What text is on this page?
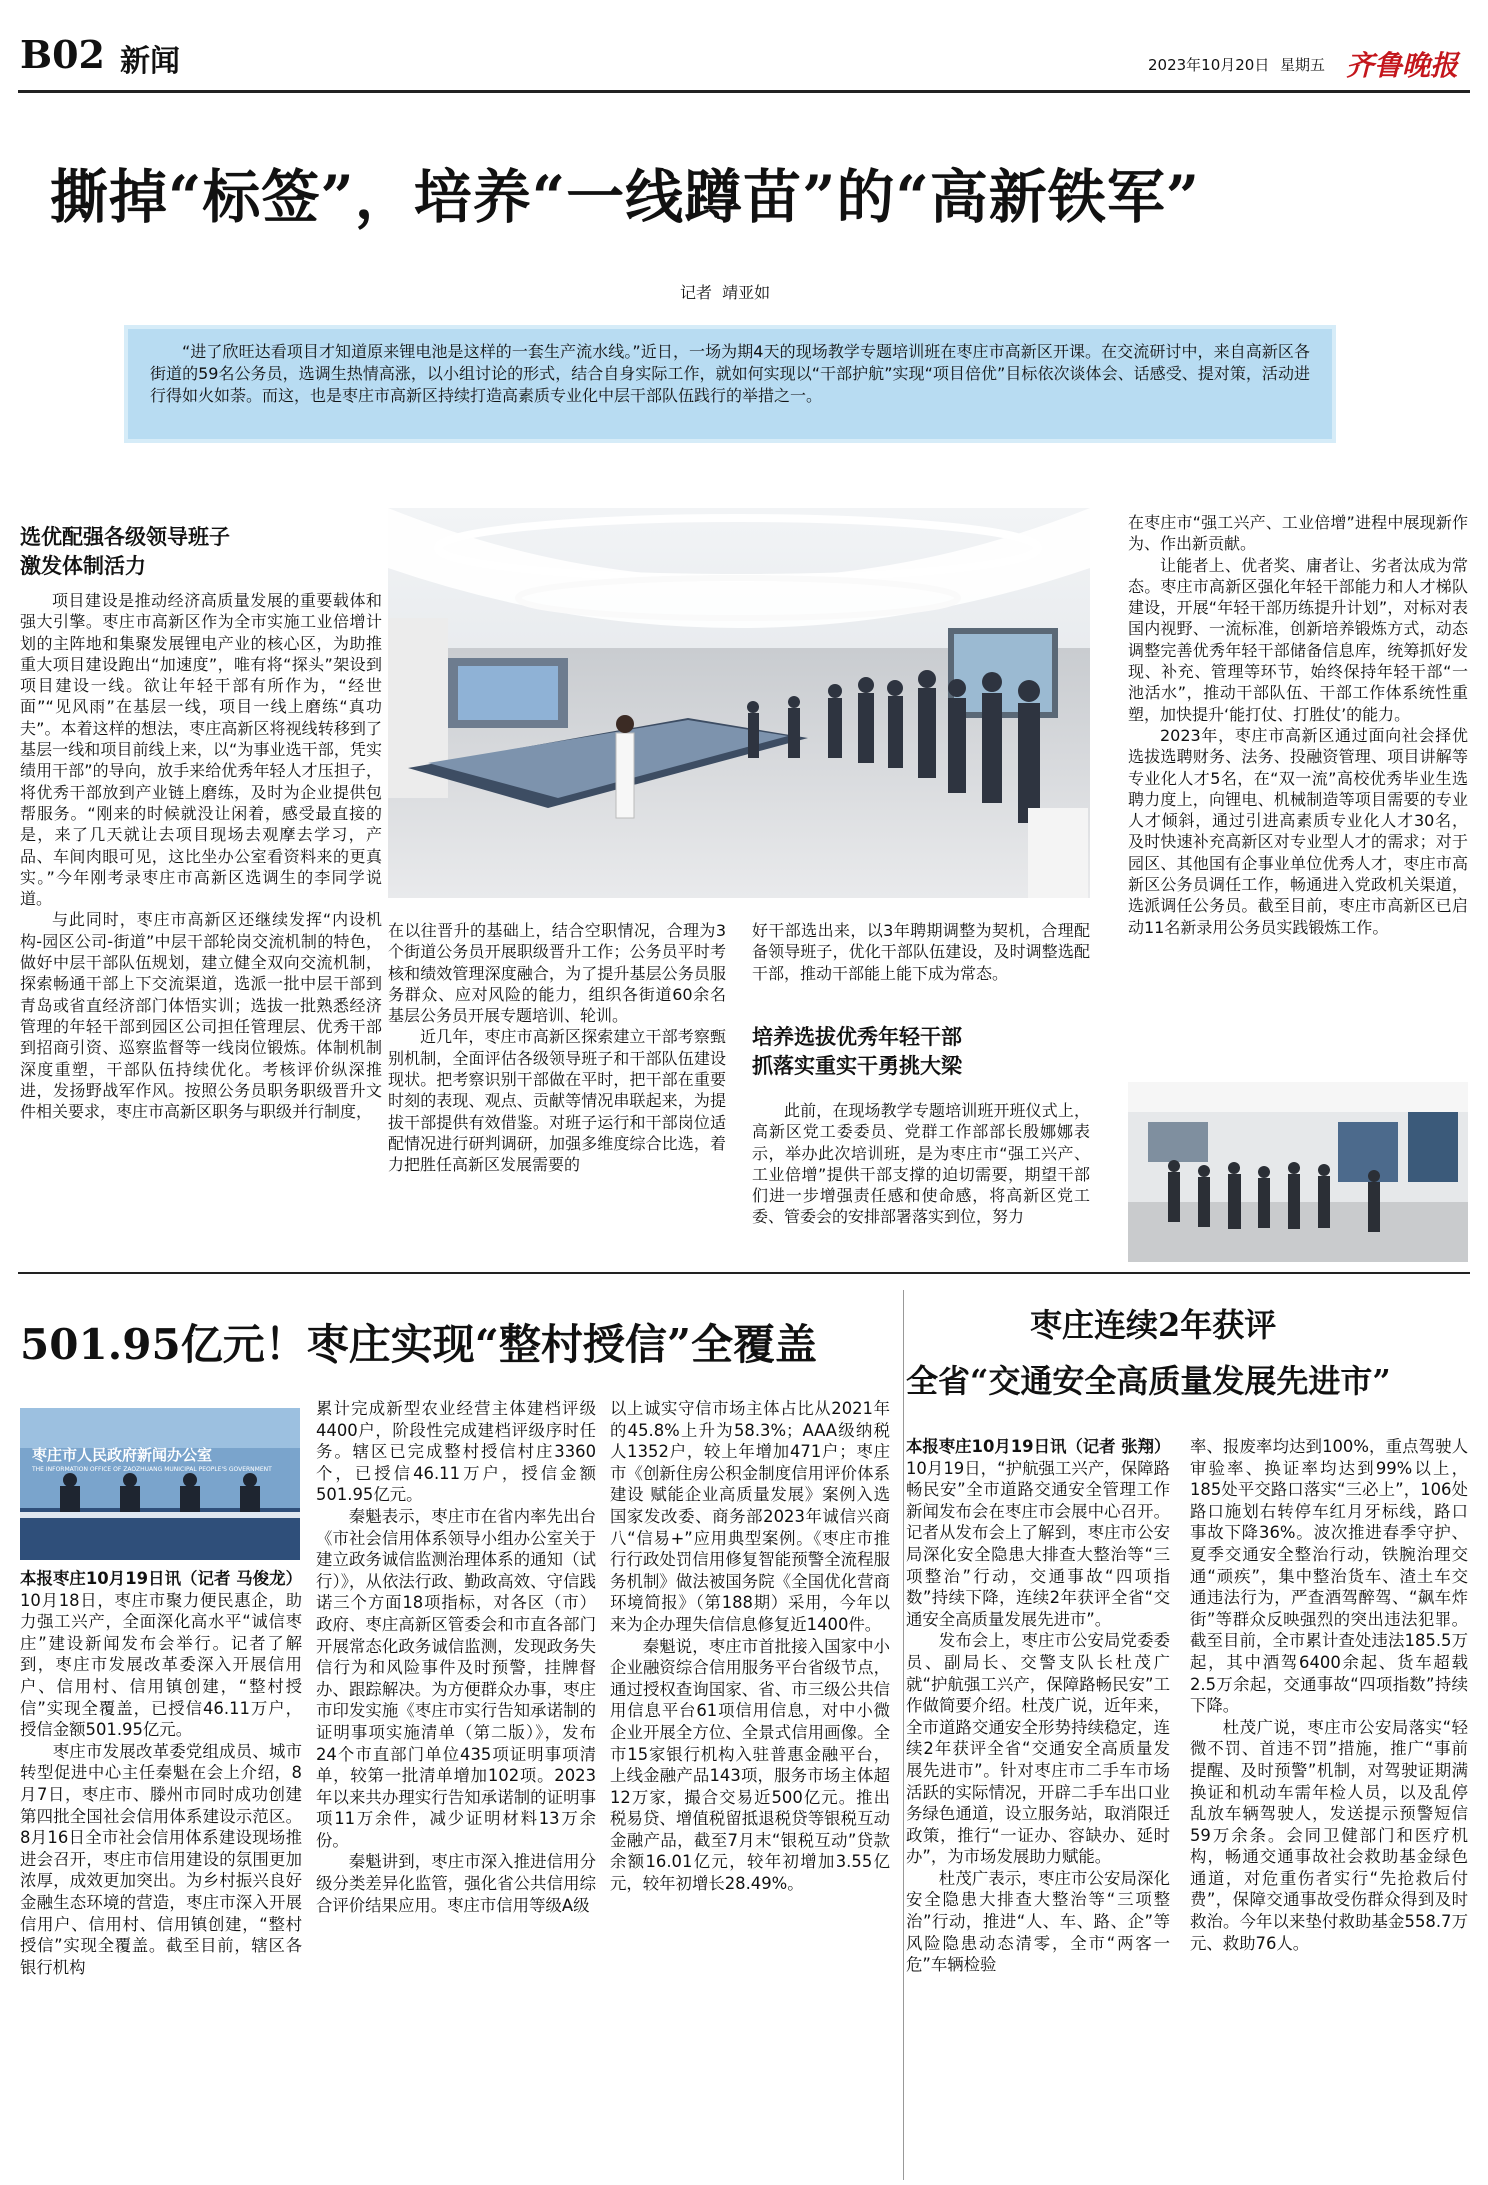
B02 新闻	2023年10月20日 星期五 齐鲁晚报
撕掉“标签”，培养“一线蹲苗”的“高新铁军”
记者  靖亚如
“进了欣旺达看项目才知道原来锂电池是这样的一套生产流水线。”近日，一场为期4天的现场教学专题培训班在枣庄市高新区开课。在交流研讨中，来自高新区各街道的59名公务员，选调生热情高涨，以小组讨论的形式，结合自身实际工作，就如何实现以“干部护航”实现“项目倍优”目标依次谈体会、话感受、提对策，活动进行得如火如荼。而这，也是枣庄市高新区持续打造高素质专业化中层干部队伍践行的举措之一。
选优配强各级领导班子
激发体制活力

项目建设是推动经济高质量发展的重要载体和强大引擎。枣庄市高新区作为全市实施工业倍增计划的主阵地和集聚发展锂电产业的核心区，为助推重大项目建设跑出“加速度”，唯有将“探头”架设到项目建设一线。欲让年轻干部有所作为，“经世面”“见风雨”在基层一线，项目一线上磨练“真功夫”。本着这样的想法，枣庄高新区将视线转移到了基层一线和项目前线上来，以“为事业选干部，凭实绩用干部”的导向，放手来给优秀年轻人才压担子，将优秀干部放到产业链上磨练，及时为企业提供包帮服务。“刚来的时候就没让闲着，感受最直接的是，来了几天就让去项目现场去观摩去学习，产品、车间肉眼可见，这比坐办公室看资料来的更真实。”今年刚考录枣庄市高新区选调生的李同学说道。

与此同时，枣庄市高新区还继续发挥“内设机构-园区公司-街道”中层干部轮岗交流机制的特色，做好中层干部队伍规划，建立健全双向交流机制，探索畅通干部上下交流渠道，选派一批中层干部到青岛或省直经济部门体悟实训；选拔一批熟悉经济管理的年轻干部到园区公司担任管理层、优秀干部到招商引资、巡察监督等一线岗位锻炼。体制机制深度重塑，干部队伍持续优化。考核评价纵深推进，发扬野战军作风。按照公务员职务职级晋升文件相关要求，枣庄市高新区职务与职级并行制度，

在以往晋升的基础上，结合空职情况，合理为3个街道公务员开展职级晋升工作；公务员平时考核和绩效管理深度融合，为了提升基层公务员服务群众、应对风险的能力，组织各街道60余名基层公务员开展专题培训、轮训。

近几年，枣庄市高新区探索建立干部考察甄别机制，全面评估各级领导班子和干部队伍建设现状。把考察识别干部做在平时，把干部在重要时刻的表现、观点、贡献等情况串联起来，为提拔干部提供有效借鉴。对班子运行和干部岗位适配情况进行研判调研，加强多维度综合比选，着力把胜任高新区发展需要的

好干部选出来，以3年聘期调整为契机，合理配备领导班子，优化干部队伍建设，及时调整选配干部，推动干部能上能下成为常态。

培养选拔优秀年轻干部
抓落实重实干勇挑大梁

此前，在现场教学专题培训班开班仪式上，高新区党工委委员、党群工作部部长殷娜娜表示，举办此次培训班，是为枣庄市“强工兴产、工业倍增”提供干部支撑的迫切需要，期望干部们进一步增强责任感和使命感，将高新区党工委、管委会的安排部署落实到位，努力

在枣庄市“强工兴产、工业倍增”进程中展现新作为、作出新贡献。

让能者上、优者奖、庸者让、劣者汰成为常态。枣庄市高新区强化年轻干部能力和人才梯队建设，开展“年轻干部历练提升计划”，对标对表国内视野、一流标准，创新培养锻炼方式，动态调整完善优秀年轻干部储备信息库，统筹抓好发现、补充、管理等环节，始终保持年轻干部“一池活水”，推动干部队伍、干部工作体系统性重塑，加快提升‘能打仗、打胜仗’的能力。

2023年，枣庄市高新区通过面向社会择优选拔选聘财务、法务、投融资管理、项目讲解等专业化人才5名，在“双一流”高校优秀毕业生选聘力度上，向锂电、机械制造等项目需要的专业人才倾斜，通过引进高素质专业化人才30名，及时快速补充高新区对专业型人才的需求；对于园区、其他国有企事业单位优秀人才，枣庄市高新区公务员调任工作，畅通进入党政机关渠道，选派调任公务员。截至目前，枣庄市高新区已启动11名新录用公务员实践锻炼工作。

501.95亿元！枣庄实现“整村授信”全覆盖
枣庄市人民政府新闻办公室
THE INFORMATION OFFICE OF ZAOZHUANG MUNICIPAL PEOPLE'S GOVERNMENT

本报枣庄10月19日讯（记者 马俊龙）10月18日，枣庄市聚力便民惠企，助力强工兴产，全面深化高水平“诚信枣庄”建设新闻发布会举行。记者了解到，枣庄市发展改革委深入开展信用户、信用村、信用镇创建，“整村授信”实现全覆盖，已授信46.11万户，授信金额501.95亿元。

枣庄市发展改革委党组成员、城市转型促进中心主任秦魁在会上介绍，8月7日，枣庄市、滕州市同时成功创建第四批全国社会信用体系建设示范区。8月16日全市社会信用体系建设现场推进会召开，枣庄市信用建设的氛围更加浓厚，成效更加突出。为乡村振兴良好金融生态环境的营造，枣庄市深入开展信用户、信用村、信用镇创建，“整村授信”实现全覆盖。截至目前，辖区各银行机构

累计完成新型农业经营主体建档评级4400户，阶段性完成建档评级序时任务。辖区已完成整村授信村庄3360个，已授信46.11万户，授信金额501.95亿元。

秦魁表示，枣庄市在省内率先出台《市社会信用体系领导小组办公室关于建立政务诚信监测治理体系的通知（试行）》，从依法行政、勤政高效、守信践诺三个方面18项指标，对各区（市）政府、枣庄高新区管委会和市直各部门开展常态化政务诚信监测，发现政务失信行为和风险事件及时预警，挂牌督办、跟踪解决。为方便群众办事，枣庄市印发实施《枣庄市实行告知承诺制的证明事项实施清单（第二版）》，发布24个市直部门单位435项证明事项清单，较第一批清单增加102项。2023年以来共办理实行告知承诺制的证明事项11万余件，减少证明材料13万余份。

秦魁讲到，枣庄市深入推进信用分级分类差异化监管，强化省公共信用综合评价结果应用。枣庄市信用等级A级

以上诚实守信市场主体占比从2021年的45.8%上升为58.3%；AAA级纳税人1352户，较上年增加471户；枣庄市《创新住房公积金制度信用评价体系建设 赋能企业高质量发展》案例入选国家发改委、商务部2023年诚信兴商八“信易+”应用典型案例。《枣庄市推行行政处罚信用修复智能预警全流程服务机制》做法被国务院《全国优化营商环境简报》（第188期）采用，今年以来为企办理失信信息修复近1400件。

秦魁说，枣庄市首批接入国家中小企业融资综合信用服务平台省级节点，通过授权查询国家、省、市三级公共信用信息平台61项信用信息，对中小微企业开展全方位、全景式信用画像。全市15家银行机构入驻普惠金融平台，上线金融产品143项，服务市场主体超12万家，撮合交易近500亿元。推出税易贷、增值税留抵退税贷等银税互动金融产品，截至7月末“银税互动”贷款余额16.01亿元，较年初增加3.55亿元，较年初增长28.49%。

枣庄连续2年获评
全省“交通安全高质量发展先进市”

本报枣庄10月19日讯（记者 张翔）10月19日，“护航强工兴产，保障路畅民安”全市道路交通安全管理工作新闻发布会在枣庄市会展中心召开。记者从发布会上了解到，枣庄市公安局深化安全隐患大排查大整治等“三项整治”行动，交通事故“四项指数”持续下降，连续2年获评全省“交通安全高质量发展先进市”。

发布会上，枣庄市公安局党委委员、副局长、交警支队长杜茂广就“护航强工兴产，保障路畅民安”工作做简要介绍。杜茂广说，近年来，全市道路交通安全形势持续稳定，连续2年获评全省“交通安全高质量发展先进市”。针对枣庄市二手车市场活跃的实际情况，开辟二手车出口业务绿色通道，设立服务站，取消限迁政策，推行“一证办、容缺办、延时办”，为市场发展助力赋能。

杜茂广表示，枣庄市公安局深化安全隐患大排查大整治等“三项整治”行动，推进“人、车、路、企”等风险隐患动态清零，全市“两客一危”车辆检验

率、报废率均达到100%，重点驾驶人审验率、换证率均达到99%以上，185处平交路口落实“三必上”，106处路口施划右转停车红月牙标线，路口事故下降36%。波次推进春季守护、夏季交通安全整治行动，铁腕治理交通“顽疾”，集中整治货车、渣土车交通违法行为，严查酒驾醉驾、“飙车炸街”等群众反映强烈的突出违法犯罪。截至目前，全市累计查处违法185.5万起，其中酒驾6400余起、货车超载2.5万余起，交通事故“四项指数”持续下降。

杜茂广说，枣庄市公安局落实“轻微不罚、首违不罚”措施，推广“事前提醒、及时预警”机制，对驾驶证期满换证和机动车需年检人员，以及乱停乱放车辆驾驶人，发送提示预警短信59万余条。会同卫健部门和医疗机构，畅通交通事故社会救助基金绿色通道，对危重伤者实行“先抢救后付费”，保障交通事故受伤群众得到及时救治。今年以来垫付救助基金558.7万元、救助76人。
